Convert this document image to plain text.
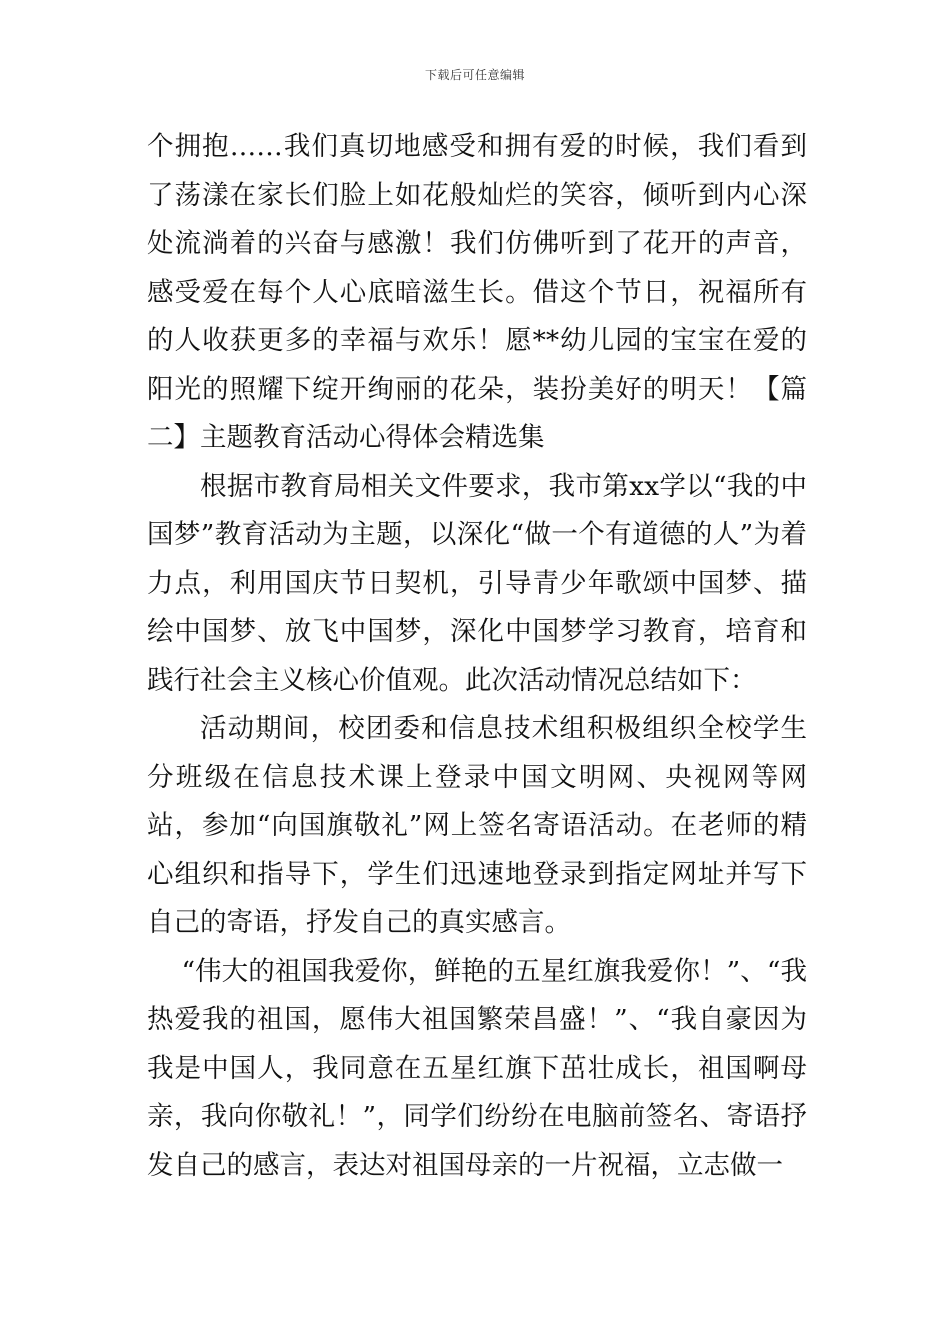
下载后可任意编辑

个拥抱……我们真切地感受和拥有爱的时候，我们看到了荡漾在家长们脸上如花般灿烂的笑容，倾听到内心深处流淌着的兴奋与感激！我们仿佛听到了花开的声音，感受爱在每个人心底暗滋生长。借这个节日，祝福所有的人收获更多的幸福与欢乐！愿**幼儿园的宝宝在爱的阳光的照耀下绽开绚丽的花朵，装扮美好的明天！【篇二】主题教育活动心得体会精选集

根据市教育局相关文件要求，我市第xx学以“我的中国梦”教育活动为主题，以深化“做一个有道德的人”为着力点，利用国庆节日契机，引导青少年歌颂中国梦、描绘中国梦、放飞中国梦，深化中国梦学习教育，培育和践行社会主义核心价值观。此次活动情况总结如下：

活动期间，校团委和信息技术组积极组织全校学生分班级在信息技术课上登录中国文明网、央视网等网站，参加“向国旗敬礼”网上签名寄语活动。在老师的精心组织和指导下，学生们迅速地登录到指定网址并写下自己的寄语，抒发自己的真实感言。

“伟大的祖国我爱你，鲜艳的五星红旗我爱你！”、“我热爱我的祖国，愿伟大祖国繁荣昌盛！”、“我自豪因为我是中国人，我同意在五星红旗下茁壮成长，祖国啊母亲，我向你敬礼！”，同学们纷纷在电脑前签名、寄语抒发自己的感言，表达对祖国母亲的一片祝福，立志做一
